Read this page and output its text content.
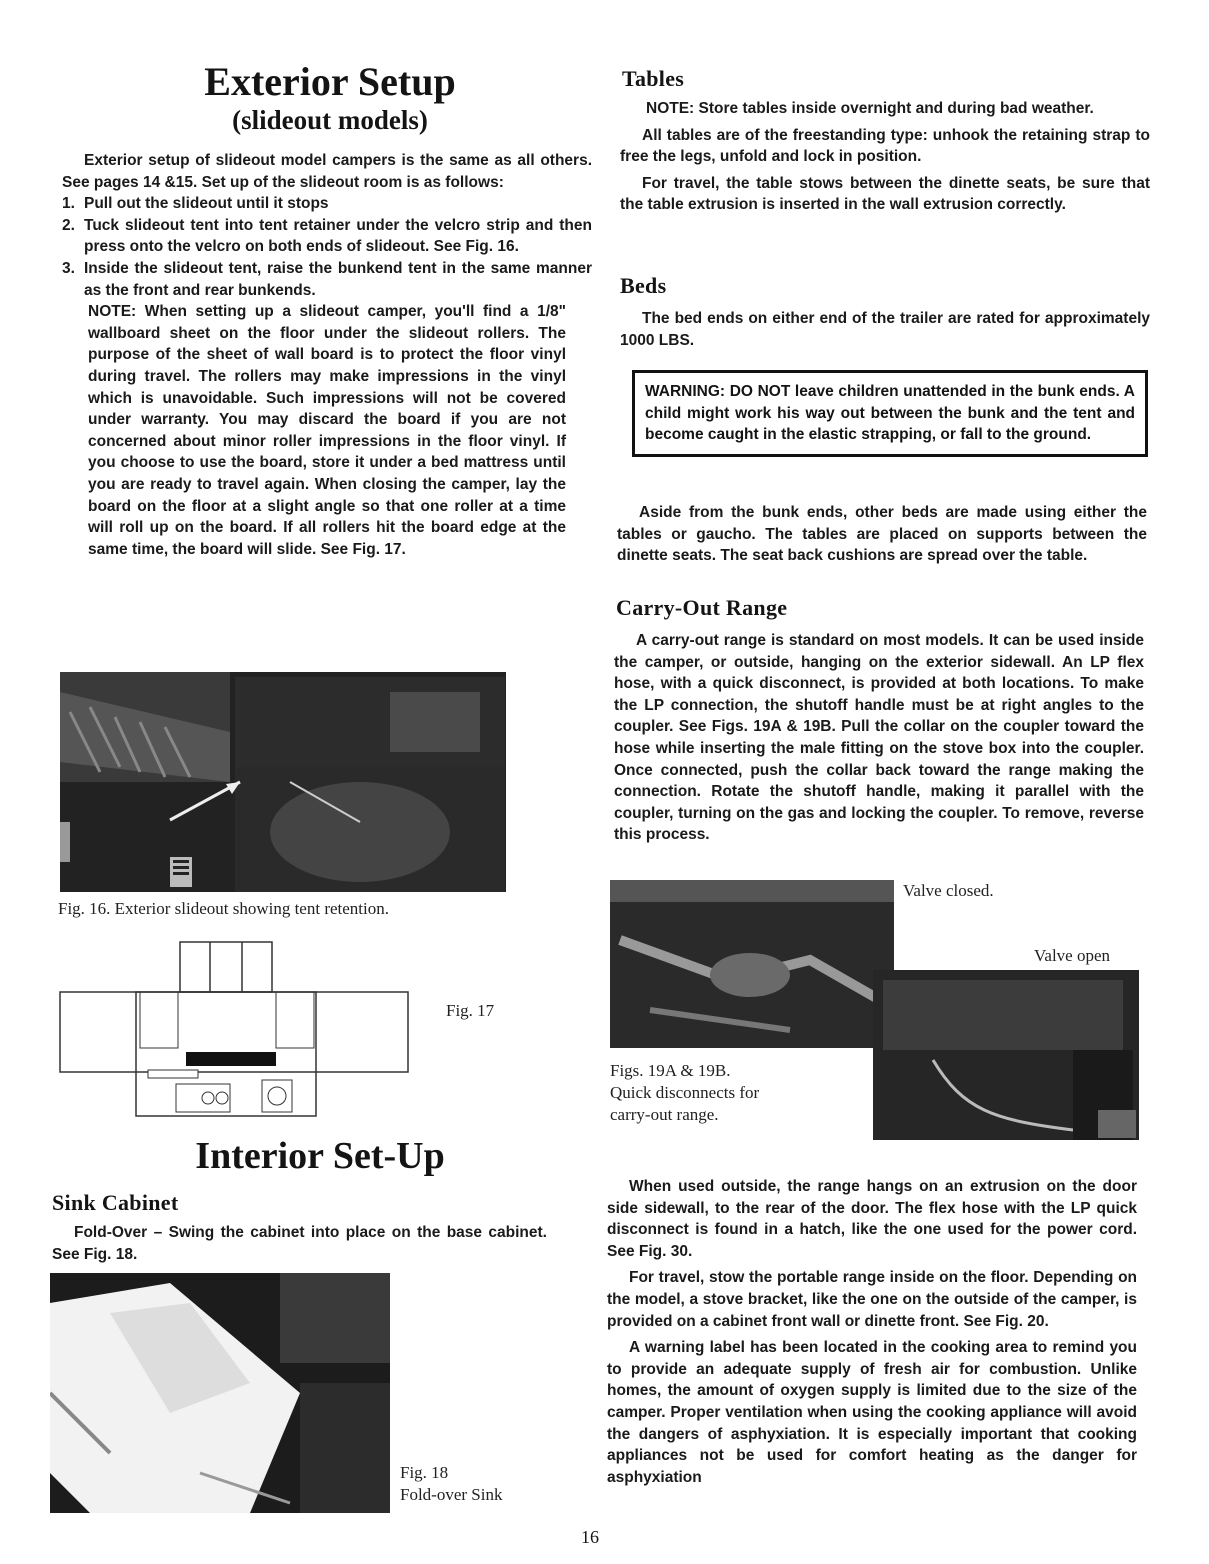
Exterior Setup
(slideout models)

Exterior setup of slideout model campers is the same as all others. See pages 14 &15. Set up of the slideout room is as follows:

1. Pull out the slideout until it stops
2. Tuck slideout tent into tent retainer under the velcro strip and then press onto the velcro on both ends of slideout. See Fig. 16.
3. Inside the slideout tent, raise the bunkend tent in the same manner as the front and rear bunkends.

NOTE: When setting up a slideout camper, you'll find a 1/8" wallboard sheet on the floor under the slideout rollers. The purpose of the sheet of wall board is to protect the floor vinyl during travel. The rollers may make impressions in the vinyl which is unavoidable. Such impressions will not be covered under warranty. You may discard the board if you are not concerned about minor roller impressions in the floor vinyl. If you choose to use the board, store it under a bed mattress until you are ready to travel again. When closing the camper, lay the board on the floor at a slight angle so that one roller at a time will roll up on the board. If all rollers hit the board edge at the same time, the board will slide. See Fig. 17.

Fig. 16. Exterior slideout showing tent retention.
Fig. 17
Interior Set-Up
Sink Cabinet

Fold-Over – Swing the cabinet into place on the base cabinet. See Fig. 18.

Fig. 18
Fold-over Sink
Tables

NOTE: Store tables inside overnight and during bad weather.

All tables are of the freestanding type: unhook the retaining strap to free the legs, unfold and lock in position.

For travel, the table stows between the dinette seats, be sure that the table extrusion is inserted in the wall extrusion correctly.

Beds

The bed ends on either end of the trailer are rated for approximately 1000 LBS.

WARNING: DO NOT leave children unattended in the bunk ends. A child might work his way out between the bunk and the tent and become caught in the elastic strapping, or fall to the ground.

Aside from the bunk ends, other beds are made using either the tables or gaucho. The tables are placed on supports between the dinette seats. The seat back cushions are spread over the table.

Carry-Out Range

A carry-out range is standard on most models. It can be used inside the camper, or outside, hanging on the exterior sidewall. An LP flex hose, with a quick disconnect, is provided at both locations. To make the LP connection, the shutoff handle must be at right angles to the coupler. See Figs. 19A & 19B. Pull the collar on the coupler toward the hose while inserting the male fitting on the stove box into the coupler. Once connected, push the collar back toward the range making the connection. Rotate the shutoff handle, making it parallel with the coupler, turning on the gas and locking the coupler. To remove, reverse this process.

Valve closed.
Valve open
Figs. 19A & 19B.
Quick disconnects for
carry-out range.

When used outside, the range hangs on an extrusion on the door side sidewall, to the rear of the door. The flex hose with the LP quick disconnect is found in a hatch, like the one used for the power cord. See Fig. 30.

For travel, stow the portable range inside on the floor. Depending on the model, a stove bracket, like the one on the outside of the camper, is provided on a cabinet front wall or dinette front. See Fig. 20.

A warning label has been located in the cooking area to remind you to provide an adequate supply of fresh air for combustion. Unlike homes, the amount of oxygen supply is limited due to the size of the camper. Proper ventilation when using the cooking appliance will avoid the dangers of asphyxiation. It is especially important that cooking appliances not be used for comfort heating as the danger for asphyxiation

16
